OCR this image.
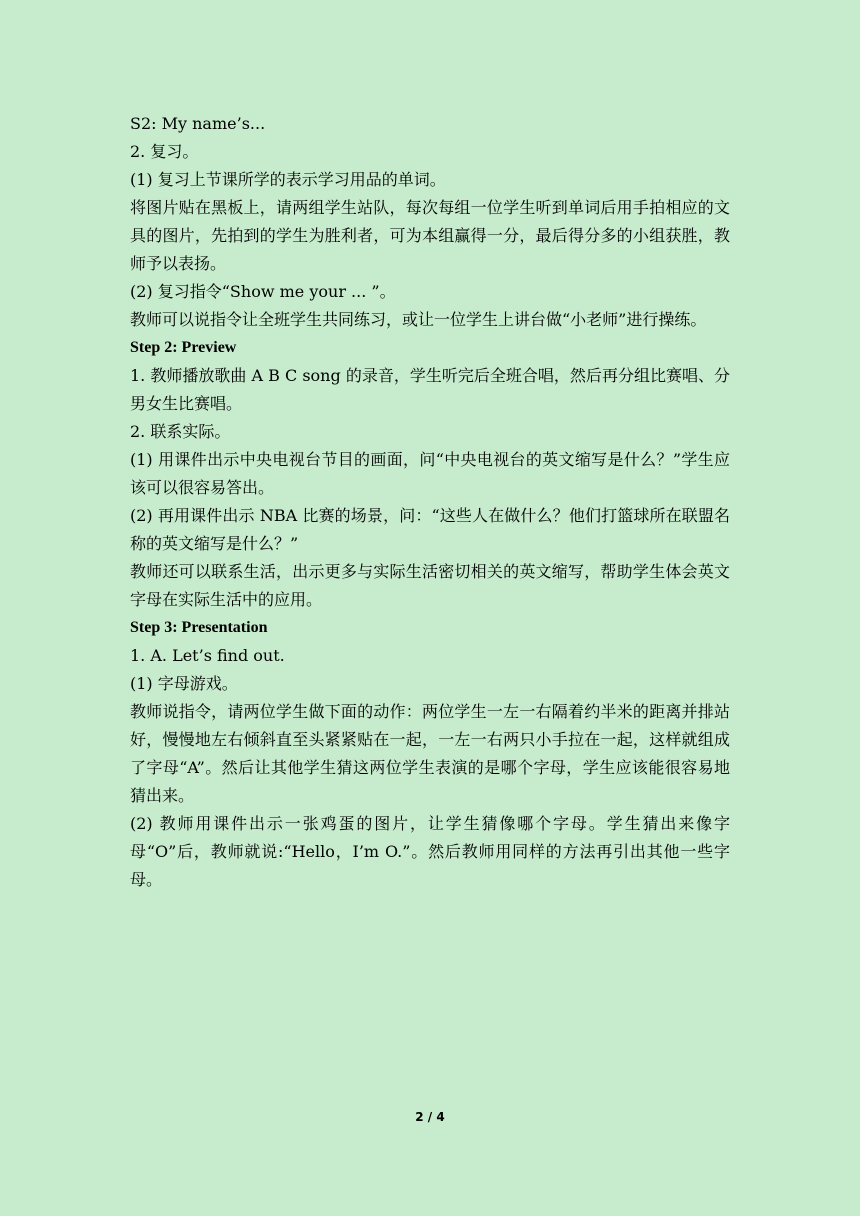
S2: My name’s...

2. 复习。

(1) 复习上节课所学的表示学习用品的单词。

将图片贴在黑板上，请两组学生站队，每次每组一位学生听到单词后用手拍相应的文具的图片，先拍到的学生为胜利者，可为本组赢得一分，最后得分多的小组获胜，教师予以表扬。

(2) 复习指令“Show me your ... ”。

教师可以说指令让全班学生共同练习，或让一位学生上讲台做“小老师”进行操练。

Step 2: Preview

1. 教师播放歌曲 A B C song 的录音，学生听完后全班合唱，然后再分组比赛唱、分男女生比赛唱。

2. 联系实际。

(1) 用课件出示中央电视台节目的画面，问“中央电视台的英文缩写是什么？”学生应该可以很容易答出。

(2) 再用课件出示 NBA 比赛的场景，问：“这些人在做什么？他们打篮球所在联盟名称的英文缩写是什么？”

教师还可以联系生活，出示更多与实际生活密切相关的英文缩写，帮助学生体会英文字母在实际生活中的应用。

Step 3: Presentation

1. A. Let’s find out.

(1) 字母游戏。

教师说指令，请两位学生做下面的动作：两位学生一左一右隔着约半米的距离并排站好，慢慢地左右倾斜直至头紧紧贴在一起，一左一右两只小手拉在一起，这样就组成了字母“A”。然后让其他学生猜这两位学生表演的是哪个字母，学生应该能很容易地猜出来。

(2) 教师用课件出示一张鸡蛋的图片，让学生猜像哪个字母。学生猜出来像字母“O”后，教师就说:“Hello，I’m O.”。然后教师用同样的方法再引出其他一些字母。

2 / 4
